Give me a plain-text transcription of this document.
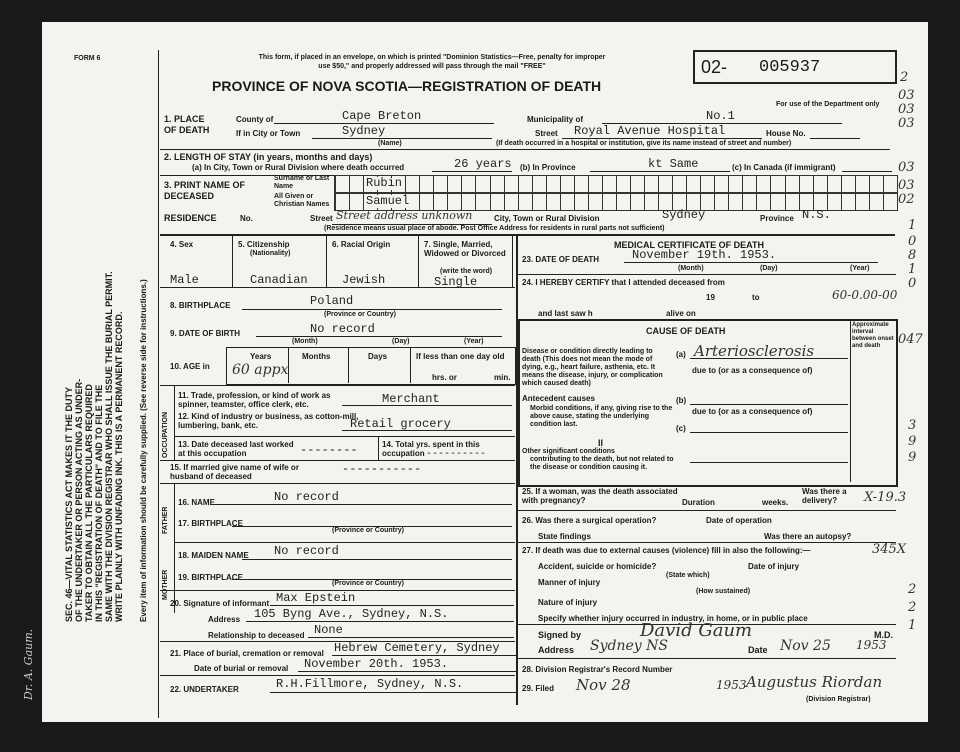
Dr. A. Gaum.
SEC. 46—VITAL STATISTICS ACT MAKES IT THE DUTY OF THE UNDERTAKER OR PERSON ACTING AS UNDER- TAKER TO OBTAIN ALL THE PARTICULARS REQUIRED IN THIS "REGISTRATION OF DEATH" AND TO FILE THE SAME WITH THE DIVISION REGISTRAR WHO SHALL ISSUE THE BURIAL PERMIT. WRITE PLAINLY WITH UNFADING INK. THIS IS A PERMANENT RECORD. Every item of information should be carefully supplied. (See reverse side for instructions.)
FORM 6	This form, if placed in an envelope, on which is printed "Dominion Statistics—Free, penalty for improper
use $50," and properly addressed will pass through the mail "FREE"
PROVINCE OF NOVA SCOTIA—REGISTRATION OF DEATH
02- 005937
For use of the Department only
2
03
03
03
03
03
02
1
0
8
1
0
60-0.00-00
047
3
9
9
X-19.3
345X
2
2
1
1. PLACE OF DEATH
County of	Cape Breton	Municipality of	No.1
If in City or Town	Sydney
(Name)
Street Royal Avenue Hospital	House No.
(If death occurred in a hospital or institution, give its name instead of street and number)
2. LENGTH OF STAY (in years, months and days)
(a) In City, Town or Rural Division where death occurred	26 years (b) In Province	kt Same	(c) In Canada (if immigrant)
3. PRINT NAME OF DECEASED
Surname or Last Name
All Given or Christian Names
Rubin
Samuel
RESIDENCE	No.	Street Street address unknown	City, Town or Rural Division	Sydney	Province N.S.
(Residence means usual place of abode. Post Office Address for residents in rural parts not sufficient)
4. Sex
Male
5. Citizenship
(Nationality)
Canadian
6. Racial Origin
Jewish
7. Single, Married, Widowed or Divorced
(write the word)
Single
8. BIRTHPLACE	Poland
(Province or Country)
9. DATE OF BIRTH	No record
(Month)	(Day)	(Year)
10. AGE in
Years
60 appx
Months	Days	If less than one day old
hrs. or	min.
OCCUPATION
11. Trade, profession, or kind of work as spinner, teamster, office clerk, etc.	Merchant
12. Kind of industry or business, as cotton-mill, lumbering, bank, etc.	Retail grocery
13. Date deceased last worked at this occupation	--------	14. Total yrs. spent in this occupation ----------
15. If married give name of wife or husband of deceased
-----------
FATHER
MOTHER
16. NAME	No record
17. BIRTHPLACE
(Province or Country)
18. MAIDEN NAME No record
19. BIRTHPLACE
(Province or Country)
20. Signature of informant Max Epstein
Address 105 Byng Ave., Sydney, N.S.
Relationship to deceased None
21. Place of burial, cremation or removal Hebrew Cemetery, Sydney
Date of burial or removal November 20th. 1953.
22. UNDERTAKER	R.H.Fillmore, Sydney, N.S.
MEDICAL CERTIFICATE OF DEATH
23. DATE OF DEATH	November 19th. 1953.
(Month)	(Day)	(Year)
24. I HEREBY CERTIFY that I attended deceased from
19	to
and last saw h	alive on
CAUSE OF DEATH
Approximate interval between onset and death
Disease or condition directly leading to death (This does not mean the mode of dying, e.g., heart failure, asthenia, etc. It means the disease, injury, or complication which caused death)
(a) Arteriosclerosis
due to (or as a consequence of)
Antecedent causes
Morbid conditions, if any, giving rise to the above cause, stating the underlying condition last.
(b)
due to (or as a consequence of)
(c)
II
Other significant conditions
contributing to the death, but not related to the disease or condition causing it.
25. If a woman, was the death associated with pregnancy?	Duration	weeks.
Was there a delivery?
26. Was there a surgical operation?	Date of operation
State findings	Was there an autopsy?
27. If death was due to external causes (violence) fill in also the following:—
Accident, suicide or homicide?
(State which)
Date of injury
Manner of injury
(How sustained)
Nature of injury
Specify whether injury occurred in industry, in home, or in public place
Signed by	David Gaum	M.D.
Address Sydney NS	Date Nov 25 1953
28. Division Registrar's Record Number
29. Filed Nov 28	1953 Augustus Riordan
(Division Registrar)
